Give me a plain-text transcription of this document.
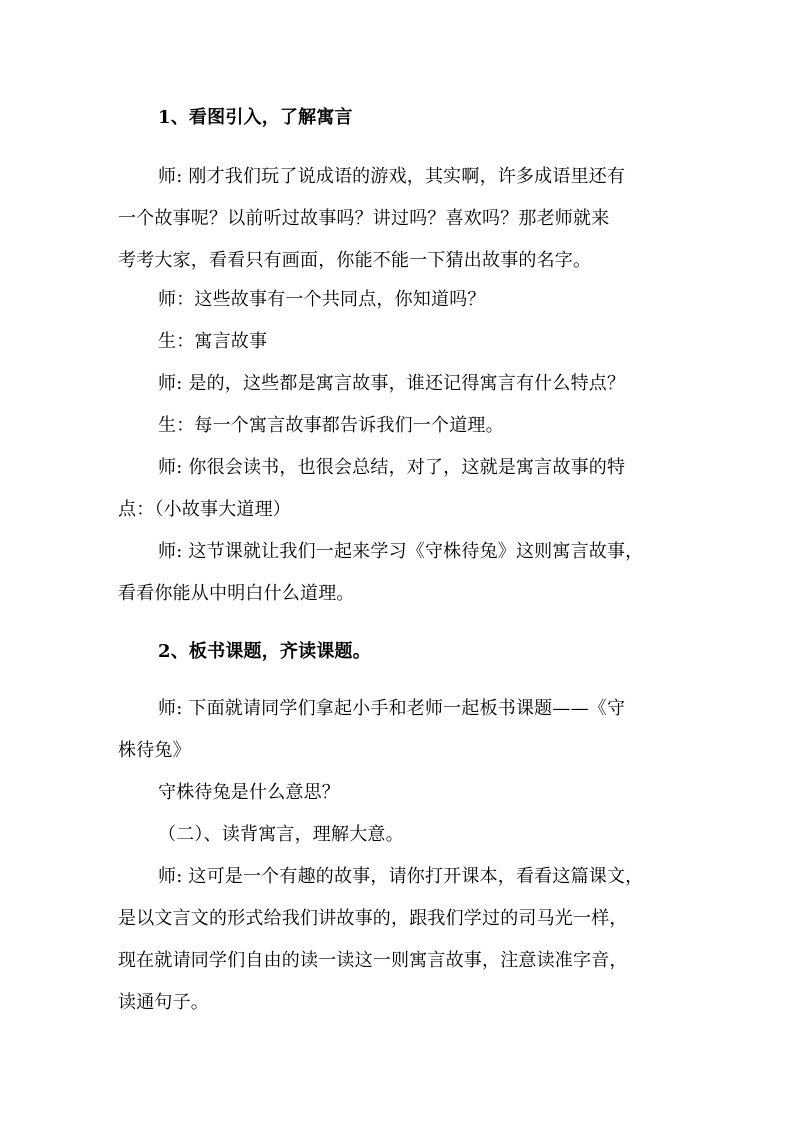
1、看图引入，了解寓言
师: 刚才我们玩了说成语的游戏，其实啊，许多成语里还有
一个故事呢？以前听过故事吗？讲过吗？喜欢吗？那老师就来
考考大家，看看只有画面，你能不能一下猜出故事的名字。
师：这些故事有一个共同点，你知道吗？
生：寓言故事
师: 是的，这些都是寓言故事，谁还记得寓言有什么特点？
生：每一个寓言故事都告诉我们一个道理。
师: 你很会读书，也很会总结，对了，这就是寓言故事的特
点：（小故事大道理）
师: 这节课就让我们一起来学习《守株待兔》这则寓言故事，
看看你能从中明白什么道理。
2、板书课题，齐读课题。
师: 下面就请同学们拿起小手和老师一起板书课题——《守
株待兔》
守株待兔是什么意思？
（二）、读背寓言，理解大意。
师: 这可是一个有趣的故事，请你打开课本，看看这篇课文，
是以文言文的形式给我们讲故事的，跟我们学过的司马光一样，
现在就请同学们自由的读一读这一则寓言故事，注意读准字音，
读通句子。
